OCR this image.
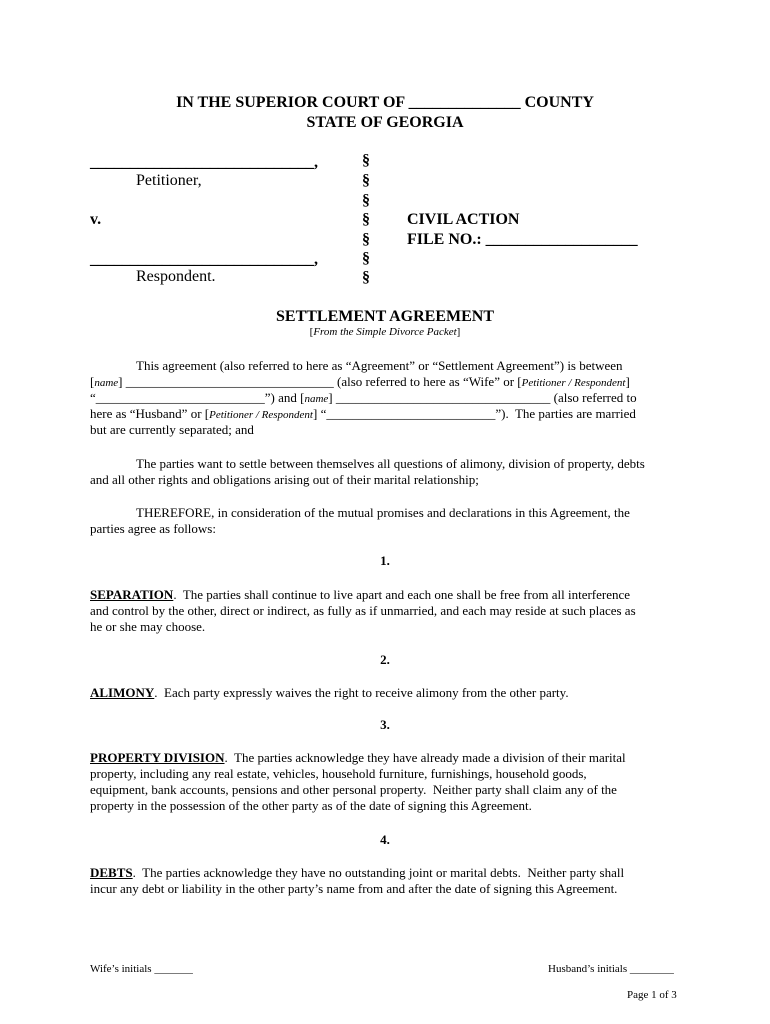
IN THE SUPERIOR COURT OF ______________ COUNTY
STATE OF GEORGIA
____________________________,
Petitioner,
v.
____________________________,
Respondent.
§
§
§
§
§
§
§
CIVIL ACTION
FILE NO.: ___________________
SETTLEMENT AGREEMENT
[From the Simple Divorce Packet]
This agreement (also referred to here as “Agreement” or “Settlement Agreement”) is between
[name] ________________________________ (also referred to here as “Wife” or [Petitioner / Respondent]
“__________________________”) and [name] _________________________________ (also referred to
here as “Husband” or [Petitioner / Respondent] “__________________________”).  The parties are married
but are currently separated; and
The parties want to settle between themselves all questions of alimony, division of property, debts
and all other rights and obligations arising out of their marital relationship;
THEREFORE, in consideration of the mutual promises and declarations in this Agreement, the
parties agree as follows:
1.
SEPARATION.  The parties shall continue to live apart and each one shall be free from all interference
and control by the other, direct or indirect, as fully as if unmarried, and each may reside at such places as
he or she may choose.
2.
ALIMONY.  Each party expressly waives the right to receive alimony from the other party.
3.
PROPERTY DIVISION.  The parties acknowledge they have already made a division of their marital
property, including any real estate, vehicles, household furniture, furnishings, household goods,
equipment, bank accounts, pensions and other personal property.  Neither party shall claim any of the
property in the possession of the other party as of the date of signing this Agreement.
4.
DEBTS.  The parties acknowledge they have no outstanding joint or marital debts.  Neither party shall
incur any debt or liability in the other party’s name from and after the date of signing this Agreement.
Wife’s initials _______	Husband’s initials ________
Page 1 of 3
